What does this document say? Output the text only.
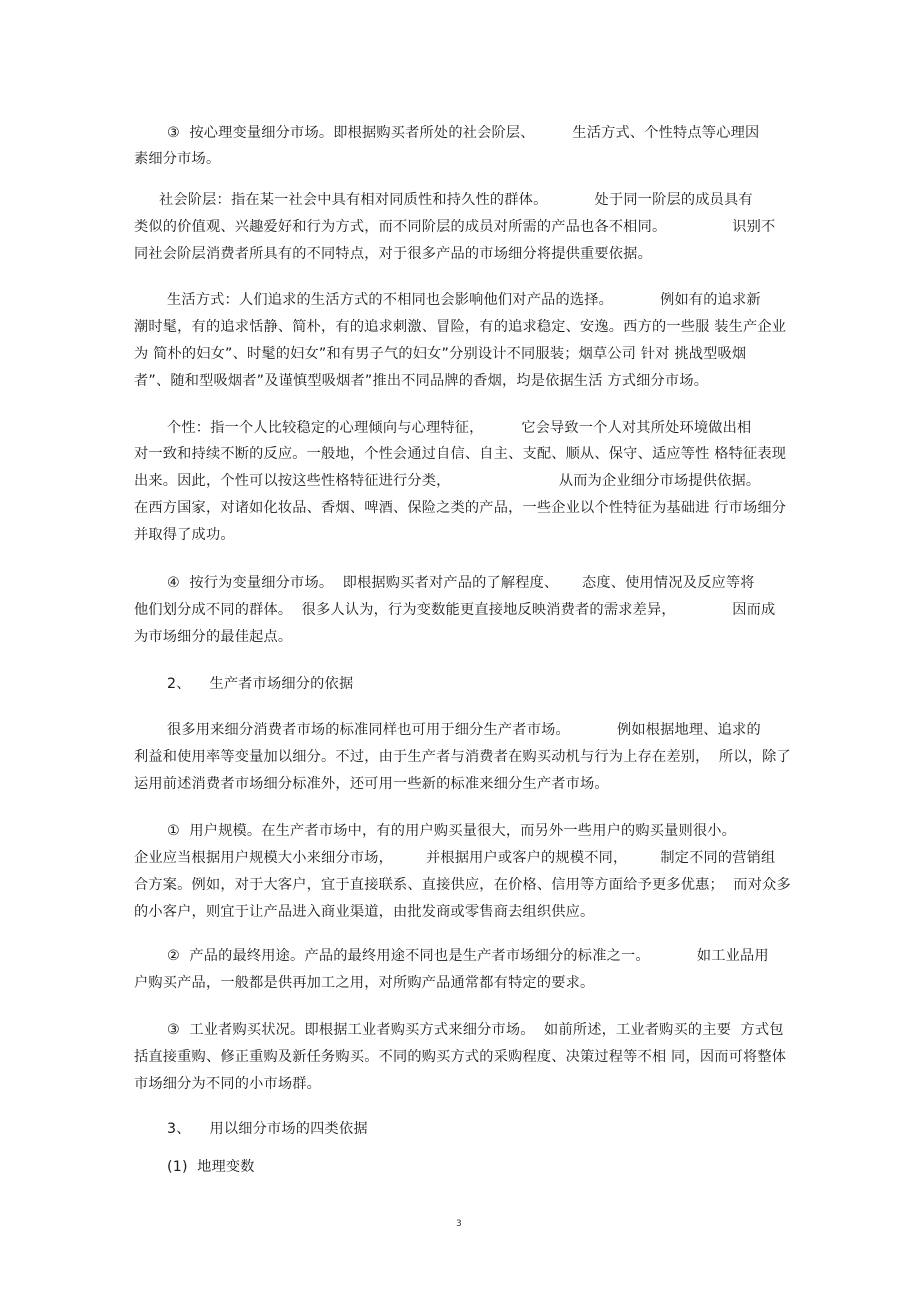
③  按心理变量细分市场。即根据购买者所处的社会阶层、        生活方式、个性特点等心理因

素细分市场。

社会阶层：指在某一社会中具有相对同质性和持久性的群体。          处于同一阶层的成员具有

类似的价值观、兴趣爱好和行为方式，而不同阶层的成员对所需的产品也各不相同。              识别不

同社会阶层消费者所具有的不同特点，对于很多产品的市场细分将提供重要依据。

生活方式：人们追求的生活方式的不相同也会影响他们对产品的选择。          例如有的追求新

潮时髦，有的追求恬静、简朴，有的追求刺激、冒险，有的追求稳定、安逸。西方的一些服 装生产企业

为 简朴的妇女”、时髦的妇女”和有男子气的妇女”分别设计不同服装；烟草公司 针对 挑战型吸烟

者”、随和型吸烟者”及谨慎型吸烟者”推出不同品牌的香烟，均是依据生活 方式细分市场。

个性：指一个人比较稳定的心理倾向与心理特征，        它会导致一个人对其所处环境做出相

对一致和持续不断的反应。一般地，个性会通过自信、自主、支配、顺从、保守、适应等性 格特征表现

出来。因此，个性可以按这些性格特征进行分类，                       从而为企业细分市场提供依据。

在西方国家，对诸如化妆品、香烟、啤酒、保险之类的产品，一些企业以个性特征为基础进 行市场细分

并取得了成功。

④  按行为变量细分市场。  即根据购买者对产品的了解程度、     态度、使用情况及反应等将

他们划分成不同的群体。  很多人认为，行为变数能更直接地反映消费者的需求差异，            因而成

为市场细分的最佳起点。

2、    生产者市场细分的依据

很多用来细分消费者市场的标准同样也可用于细分生产者市场。          例如根据地理、追求的

利益和使用率等变量加以细分。不过，由于生产者与消费者在购买动机与行为上存在差别，  所以，除了

运用前述消费者市场细分标准外，还可用一些新的标准来细分生产者市场。

①  用户规模。在生产者市场中，有的用户购买量很大，而另外一些用户的购买量则很小。

企业应当根据用户规模大小来细分市场，       并根据用户或客户的规模不同，       制定不同的营销组

合方案。例如，对于大客户，宜于直接联系、直接供应，在价格、信用等方面给予更多优惠；  而对众多

的小客户，则宜于让产品进入商业渠道，由批发商或零售商去组织供应。

②  产品的最终用途。产品的最终用途不同也是生产者市场细分的标准之一。          如工业品用

户购买产品，一般都是供再加工之用，对所购产品通常都有特定的要求。

③  工业者购买状况。即根据工业者购买方式来细分市场。  如前所述，工业者购买的主要  方式包

括直接重购、修正重购及新任务购买。不同的购买方式的采购程度、决策过程等不相 同，因而可将整体

市场细分为不同的小市场群。

3、    用以细分市场的四类依据

(1)  地理变数

3
